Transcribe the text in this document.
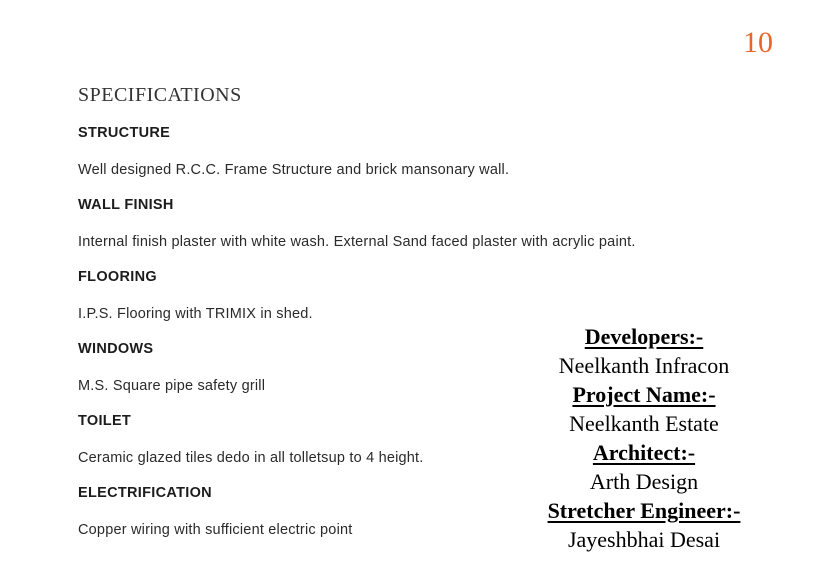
10
SPECIFICATIONS
STRUCTURE
Well designed R.C.C. Frame Structure and brick mansonary wall.
WALL FINISH
Internal finish plaster with white wash. External Sand faced plaster with acrylic paint.
FLOORING
I.P.S. Flooring with TRIMIX in shed.
WINDOWS
M.S. Square pipe safety grill
TOILET
Ceramic glazed tiles dedo in all tolletsup to 4 height.
ELECTRIFICATION
Copper wiring with sufficient electric point
Developers:-
Neelkanth Infracon
Project Name:-
Neelkanth Estate
Architect:-
Arth Design
Stretcher Engineer:-
Jayeshbhai Desai
